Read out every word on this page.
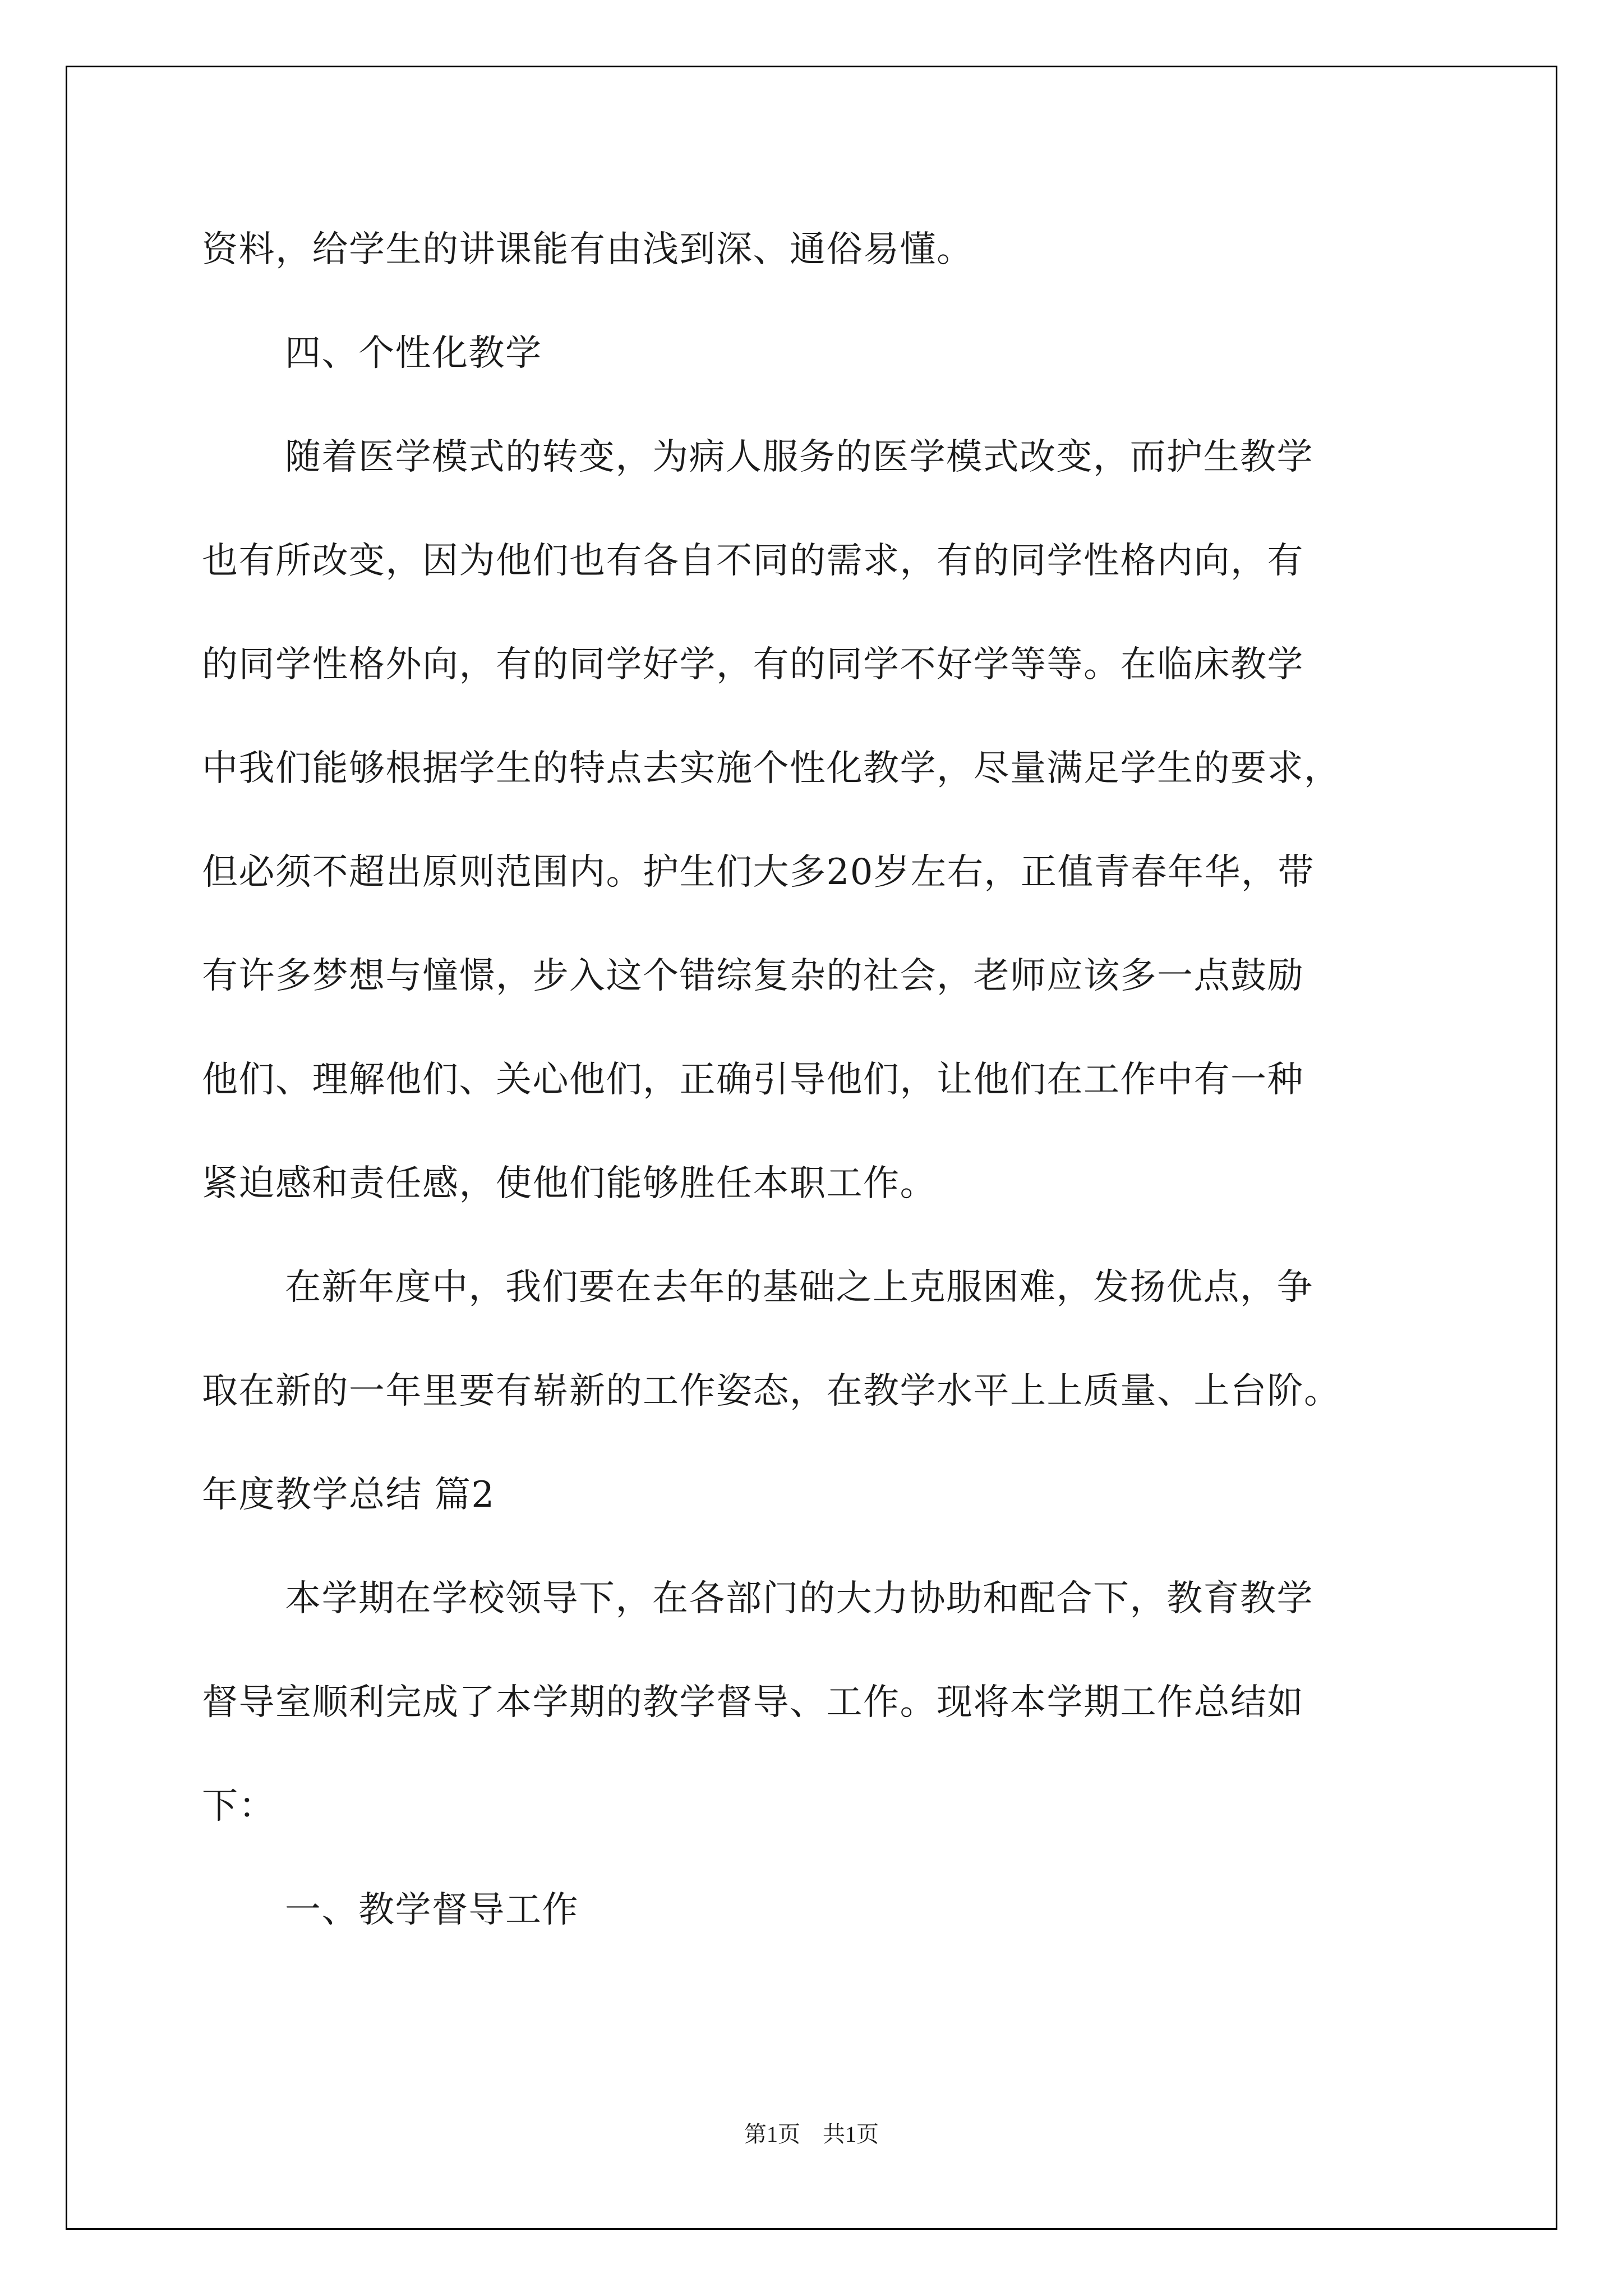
资料，给学生的讲课能有由浅到深、通俗易懂。
四、个性化教学
随着医学模式的转变，为病人服务的医学模式改变，而护生教学
也有所改变，因为他们也有各自不同的需求，有的同学性格内向，有
的同学性格外向，有的同学好学，有的同学不好学等等。在临床教学
中我们能够根据学生的特点去实施个性化教学，尽量满足学生的要求，
但必须不超出原则范围内。护生们大多20岁左右，正值青春年华，带
有许多梦想与憧憬，步入这个错综复杂的社会，老师应该多一点鼓励
他们、理解他们、关心他们，正确引导他们，让他们在工作中有一种
紧迫感和责任感，使他们能够胜任本职工作。
在新年度中，我们要在去年的基础之上克服困难，发扬优点，争
取在新的一年里要有崭新的工作姿态，在教学水平上上质量、上台阶。
年度教学总结 篇2
本学期在学校领导下，在各部门的大力协助和配合下，教育教学
督导室顺利完成了本学期的教学督导、工作。现将本学期工作总结如
下：
一、教学督导工作
第1页　共1页
